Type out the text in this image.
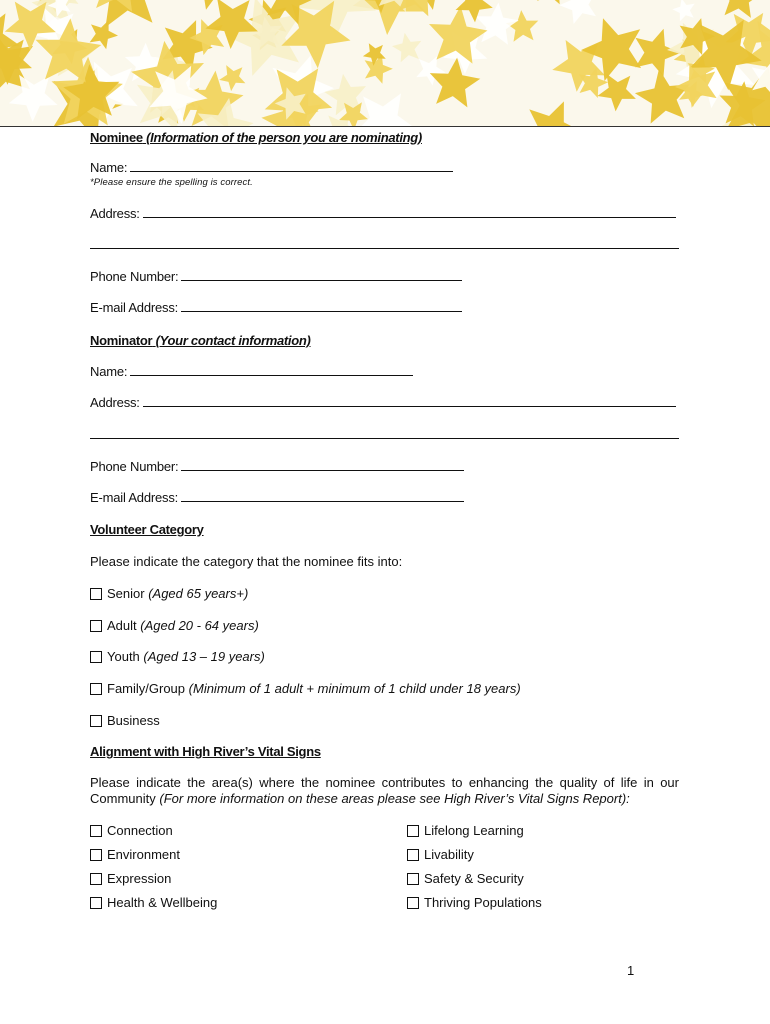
Nominee (Information of the person you are nominating)
Name:
*Please ensure the spelling is correct.
Address:
Phone Number:
E-mail Address:
Nominator (Your contact information)
Name:
Address:
Phone Number:
E-mail Address:
Volunteer Category
Please indicate the category that the nominee fits into:
Senior (Aged 65 years+)
Adult (Aged 20 - 64 years)
Youth (Aged 13 – 19 years)
Family/Group (Minimum of 1 adult + minimum of 1 child under 18 years)
Business
Alignment with High River’s Vital Signs
Please indicate the area(s) where the nominee contributes to enhancing the quality of life in our
Community (For more information on these areas please see High River’s Vital Signs Report):
Connection
Environment
Expression
Health & Wellbeing
Lifelong Learning
Livability
Safety & Security
Thriving Populations
1
